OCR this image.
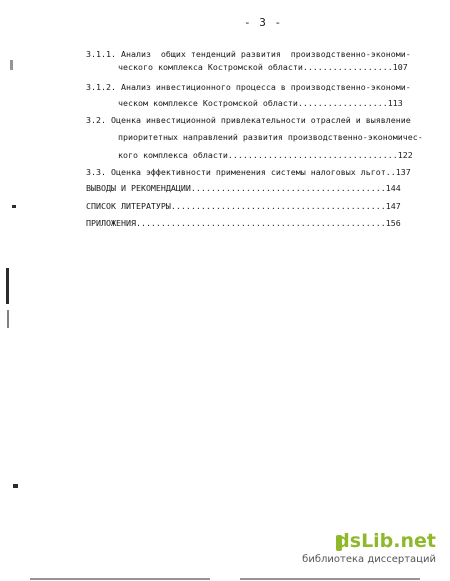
- 3 -
3.1.1. Анализ  общих тенденций развития  производственно-экономи-
ческого комплекса Костромской области..................107
3.1.2. Анализ инвестиционного процесса в производственно-экономи-
ческом комплексе Костромской области..................113
3.2. Оценка инвестиционной привлекательности отраслей и выявление
приоритетных направлений развития производственно-экономичес-
кого комплекса области..................................122
3.3. Оценка эффективности применения системы налоговых льгот..137
ВЫВОДЫ И РЕКОМЕНДАЦИИ.......................................144
СПИСОК ЛИТЕРАТУРЫ...........................................147
ПРИЛОЖЕНИЯ..................................................156
dsLib.net
библиотека диссертаций
